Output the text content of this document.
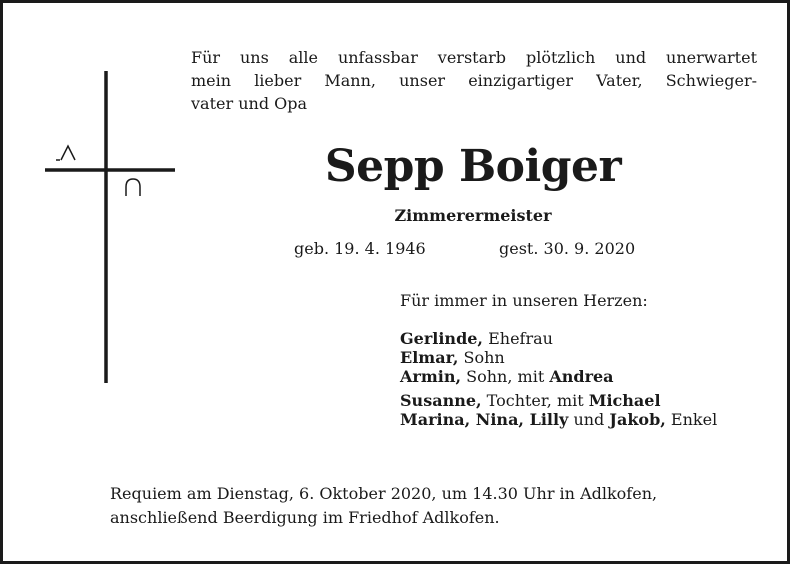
Für uns alle unfassbar verstarb plötzlich und unerwartet
mein lieber Mann, unser einzigartiger Vater, Schwieger-
vater und Opa
Sepp Boiger
Zimmerermeister
geb. 19. 4. 1946	gest. 30. 9. 2020
Für immer in unseren Herzen:
Gerlinde, Ehefrau
Elmar, Sohn
Armin, Sohn, mit Andrea
Susanne, Tochter, mit Michael
Marina, Nina, Lilly und Jakob, Enkel
Requiem am Dienstag, 6. Oktober 2020, um 14.30 Uhr in Adlkofen,
anschließend Beerdigung im Friedhof Adlkofen.
